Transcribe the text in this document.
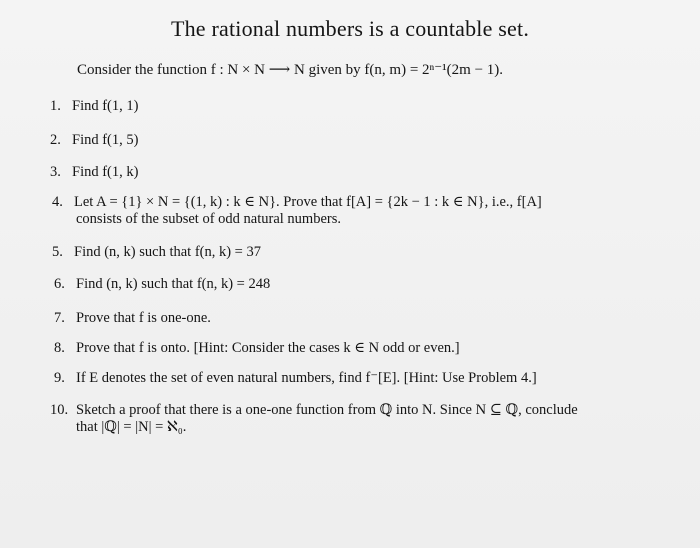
The rational numbers is a countable set.
Consider the function f : N × N ⟶ N given by f(n, m) = 2ⁿ⁻¹(2m − 1).
1. Find f(1, 1)
2. Find f(1, 5)
3. Find f(1, k)
4. Let A = {1} × N = {(1, k) : k ∈ N}. Prove that f[A] = {2k − 1 : k ∈ N}, i.e., f[A]
consists of the subset of odd natural numbers.
5. Find (n, k) such that f(n, k) = 37
6. Find (n, k) such that f(n, k) = 248
7. Prove that f is one-one.
8. Prove that f is onto. [Hint: Consider the cases k ∈ N odd or even.]
9. If E denotes the set of even natural numbers, find f⁻[E]. [Hint: Use Problem 4.]
10. Sketch a proof that there is a one-one function from ℚ into N. Since N ⊆ ℚ, conclude
that |ℚ| = |N| = ℵ₀.
